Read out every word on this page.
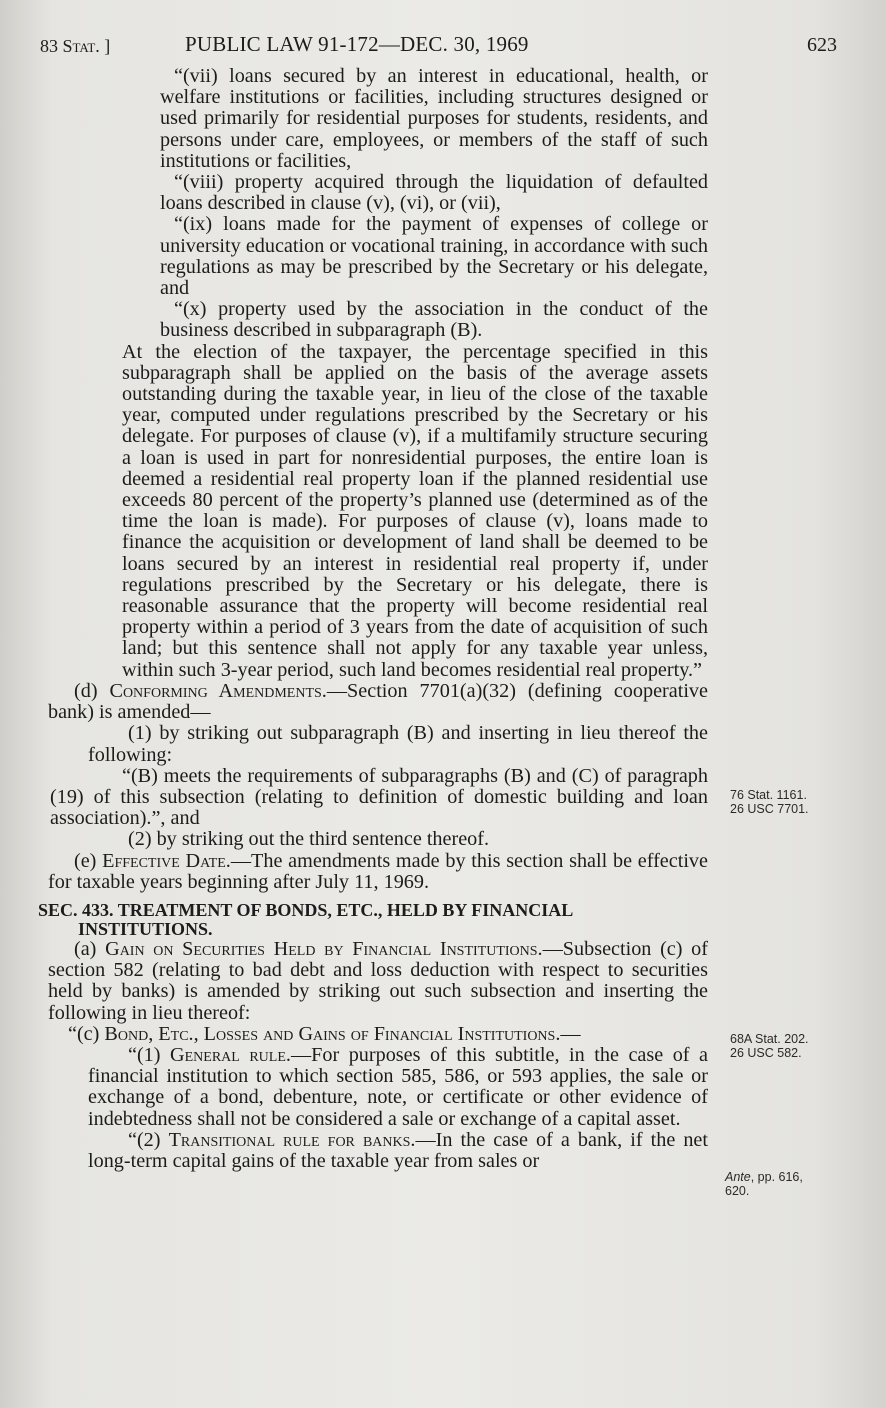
83 Stat. ]	PUBLIC LAW 91-172—DEC. 30, 1969	623

“(vii) loans secured by an interest in educational, health, or welfare institutions or facilities, including structures designed or used primarily for residential purposes for students, residents, and persons under care, employees, or members of the staff of such institutions or facilities,

“(viii) property acquired through the liquidation of defaulted loans described in clause (v), (vi), or (vii),

“(ix) loans made for the payment of expenses of college or university education or vocational training, in accordance with such regulations as may be prescribed by the Secretary or his delegate, and

“(x) property used by the association in the conduct of the business described in subparagraph (B).

At the election of the taxpayer, the percentage specified in this subparagraph shall be applied on the basis of the average assets outstanding during the taxable year, in lieu of the close of the taxable year, computed under regulations prescribed by the Secretary or his delegate. For purposes of clause (v), if a multifamily structure securing a loan is used in part for nonresidential purposes, the entire loan is deemed a residential real property loan if the planned residential use exceeds 80 percent of the property’s planned use (determined as of the time the loan is made). For purposes of clause (v), loans made to finance the acquisition or development of land shall be deemed to be loans secured by an interest in residential real property if, under regulations prescribed by the Secretary or his delegate, there is reasonable assurance that the property will become residential real property within a period of 3 years from the date of acquisition of such land; but this sentence shall not apply for any taxable year unless, within such 3-year period, such land becomes residential real property.”

(d) Conforming Amendments.—Section 7701(a)(32) (defining cooperative bank) is amended—

(1) by striking out subparagraph (B) and inserting in lieu thereof the following:

“(B) meets the requirements of subparagraphs (B) and (C) of paragraph (19) of this subsection (relating to definition of domestic building and loan association).”, and

(2) by striking out the third sentence thereof.

(e) Effective Date.—The amendments made by this section shall be effective for taxable years beginning after July 11, 1969.

SEC. 433. TREATMENT OF BONDS, ETC., HELD BY FINANCIAL INSTITUTIONS.

(a) Gain on Securities Held by Financial Institutions.—Subsection (c) of section 582 (relating to bad debt and loss deduction with respect to securities held by banks) is amended by striking out such subsection and inserting the following in lieu thereof:

“(c) Bond, Etc., Losses and Gains of Financial Institutions.—

“(1) General rule.—For purposes of this subtitle, in the case of a financial institution to which section 585, 586, or 593 applies, the sale or exchange of a bond, debenture, note, or certificate or other evidence of indebtedness shall not be considered a sale or exchange of a capital asset.

“(2) Transitional rule for banks.—In the case of a bank, if the net long-term capital gains of the taxable year from sales or

76 Stat. 1161.
26 USC 7701.
68A Stat. 202.
26 USC 582.
Ante, pp. 616,
620.
